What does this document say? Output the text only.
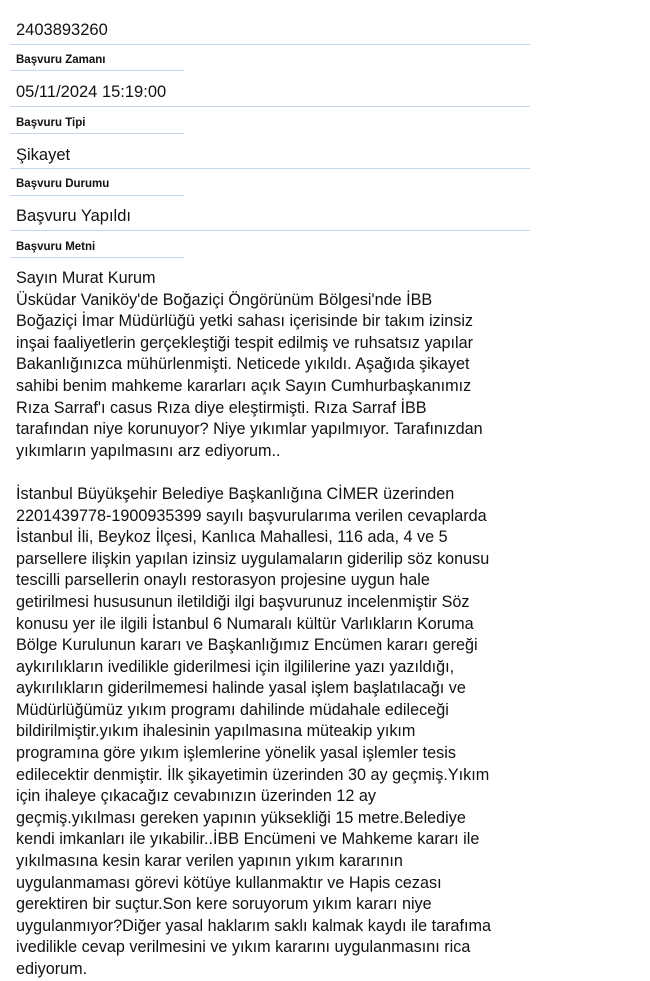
2403893260
Başvuru Zamanı
05/11/2024 15:19:00
Başvuru Tipi
Şikayet
Başvuru Durumu
Başvuru Yapıldı
Başvuru Metni
Sayın Murat Kurum
Üsküdar Vaniköy'de Boğaziçi Öngörünüm Bölgesi'nde İBB
Boğaziçi İmar Müdürlüğü yetki sahası içerisinde bir takım izinsiz
inşai faaliyetlerin gerçekleştiği tespit edilmiş ve ruhsatsız yapılar
Bakanlığınızca mühürlenmişti. Neticede yıkıldı. Aşağıda şikayet
sahibi benim mahkeme kararları açık Sayın Cumhurbaşkanımız
Rıza Sarraf'ı casus Rıza diye eleştirmişti. Rıza Sarraf İBB
tarafından niye korunuyor? Niye yıkımlar yapılmıyor. Tarafınızdan
yıkımların yapılmasını arz ediyorum..
İstanbul Büyükşehir Belediye Başkanlığına CİMER üzerinden
2201439778-1900935399 sayılı başvurularıma verilen cevaplarda
İstanbul İli, Beykoz İlçesi, Kanlıca Mahallesi, 116 ada, 4 ve 5
parsellere ilişkin yapılan izinsiz uygulamaların giderilip söz konusu
tescilli parsellerin onaylı restorasyon projesine uygun hale
getirilmesi hususunun iletildiği ilgi başvurunuz incelenmiştir Söz
konusu yer ile ilgili İstanbul 6 Numaralı kültür Varlıkların Koruma
Bölge Kurulunun kararı ve Başkanlığımız Encümen kararı gereği
aykırılıkların ivedilikle giderilmesi için ilgililerine yazı yazıldığı,
aykırılıkların giderilmemesi halinde yasal işlem başlatılacağı ve
Müdürlüğümüz yıkım programı dahilinde müdahale edileceği
bildirilmiştir.yıkım ihalesinin yapılmasına müteakip yıkım
programına göre yıkım işlemlerine yönelik yasal işlemler tesis
edilecektir denmiştir. İlk şikayetimin üzerinden 30 ay geçmiş.Yıkım
için ihaleye çıkacağız cevabınızın üzerinden 12 ay
geçmiş.yıkılması gereken yapının yüksekliği 15 metre.Belediye
kendi imkanları ile yıkabilir..İBB Encümeni ve Mahkeme kararı ile
yıkılmasına kesin karar verilen yapının yıkım kararının
uygulanmaması görevi kötüye kullanmaktır ve Hapis cezası
gerektiren bir suçtur.Son kere soruyorum yıkım kararı niye
uygulanmıyor?Diğer yasal haklarım saklı kalmak kaydı ile tarafıma
ivedilikle cevap verilmesini ve yıkım kararını uygulanmasını rica
ediyorum.
